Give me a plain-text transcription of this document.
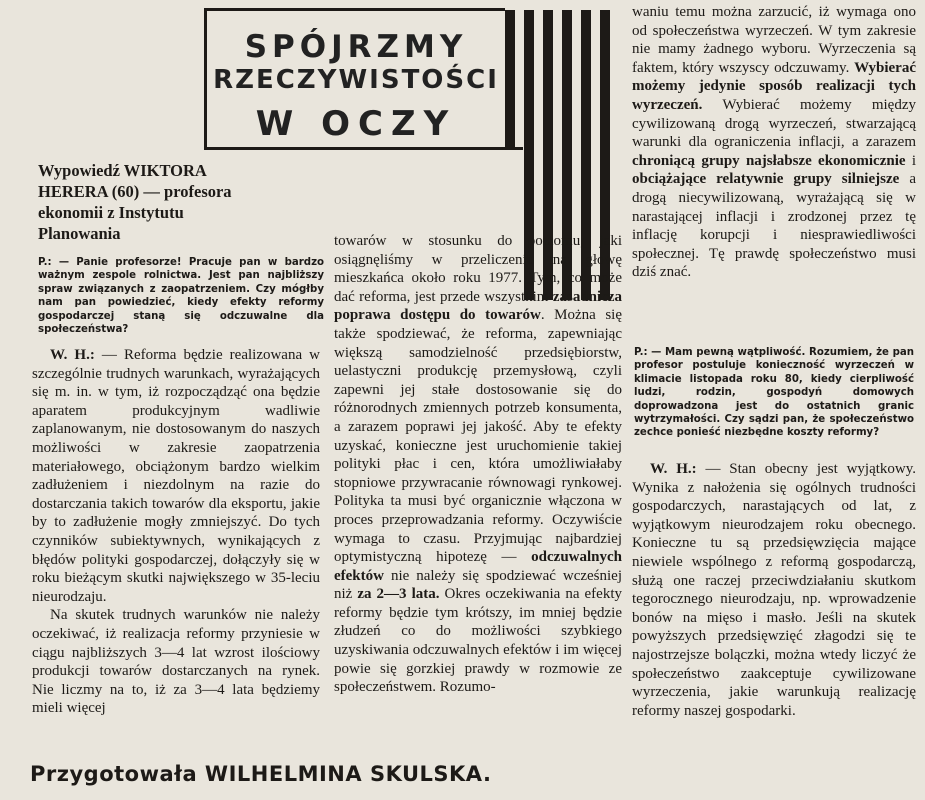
SPÓJRZMY
RZECZYWISTOŚCI
W OCZY
Wypowiedź WIKTORA HERERA (60) — profesora ekonomii z Instytutu Planowania
P.: — Panie profesorze! Pracuje pan w bardzo ważnym zespole rolnictwa. Jest pan najbliższy spraw związanych z zaopatrzeniem. Czy mógłby nam pan powiedzieć, kiedy efekty reformy gospodarczej staną się odczuwalne dla społeczeństwa?

W. H.: — Reforma będzie realizowana w szczególnie trudnych warunkach, wyrażających się m. in. w tym, iż rozpocządząć ona będzie aparatem produkcyjnym wadliwie zaplanowanym, nie dostosowanym do naszych możliwości w zakresie zaopatrzenia materiałowego, obciążonym bardzo wielkim zadłużeniem i niezdolnym na razie do dostarczania takich towarów dla eksportu, jakie by to zadłużenie mogły zmniejszyć. Do tych czynników subiektywnych, wynikających z błędów polityki gospodarczej, dołączyły się w roku bieżącym skutki największego w 35-leciu nieurodzaju.

Na skutek trudnych warunków nie należy oczekiwać, iż realizacja reformy przyniesie w ciągu najbliższych 3—4 lat wzrost ilościowy produkcji towarów dostarczanych na rynek. Nie liczmy na to, iż za 3—4 lata będziemy mieli więcej

towarów w stosunku do poziomu, jaki osiągnęliśmy w przeliczeniu na głowę mieszkańca około roku 1977. Tym, co może dać reforma, jest przede wszystkim zasadnicza poprawa dostępu do towarów. Można się także spodziewać, że reforma, zapewniając większą samodzielność przedsiębiorstw, uelastyczni produkcję przemysłową, czyli zapewni jej stałe dostosowanie się do różnorodnych zmiennych potrzeb konsumenta, a zarazem poprawi jej jakość. Aby te efekty uzyskać, konieczne jest uruchomienie takiej polityki płac i cen, która umożliwiałaby stopniowe przywracanie równowagi rynkowej. Polityka ta musi być organicznie włączona w proces przeprowadzania reformy. Oczywiście wymaga to czasu. Przyjmując najbardziej optymistyczną hipotezę — odczuwalnych efektów nie należy się spodziewać wcześniej niż za 2—3 lata. Okres oczekiwania na efekty reformy będzie tym krótszy, im mniej będzie złudzeń co do możliwości szybkiego uzyskiwania odczuwalnych efektów i im więcej powie się gorzkiej prawdy w rozmowie ze społeczeństwem. Rozumo-

waniu temu można zarzucić, iż wymaga ono od społeczeństwa wyrzeczeń. W tym zakresie nie mamy żadnego wyboru. Wyrzeczenia są faktem, który wszyscy odczuwamy. Wybierać możemy jedynie sposób realizacji tych wyrzeczeń. Wybierać możemy między cywilizowaną drogą wyrzeczeń, stwarzającą warunki dla ograniczenia inflacji, a zarazem chroniącą grupy najsłabsze ekonomicznie i obciążające relatywnie grupy silniejsze a drogą niecywilizowaną, wyrażającą się w narastającej inflacji i zrodzonej przez tę inflację korupcji i niesprawiedliwości społecznej. Tę prawdę społeczeństwo musi dziś znać.

P.: — Mam pewną wątpliwość. Rozumiem, że pan profesor postuluje konieczność wyrzeczeń w klimacie listopada roku 80, kiedy cierpliwość ludzi, rodzin, gospodyń domowych doprowadzona jest do ostatnich granic wytrzymałości. Czy sądzi pan, że społeczeństwo zechce ponieść niezbędne koszty reformy?

W. H.: — Stan obecny jest wyjątkowy. Wynika z nałożenia się ogólnych trudności gospodarczych, narastających od lat, z wyjątkowym nieurodzajem roku obecnego. Konieczne tu są przedsięwzięcia mające niewiele wspólnego z reformą gospodarczą, służą one raczej przeciwdziałaniu skutkom tegorocznego nieurodzaju, np. wprowadzenie bonów na mięso i masło. Jeśli na skutek powyższych przedsięwzięć złagodzi się te najostrzejsze bolączki, można wtedy liczyć że społeczeństwo zaakceptuje cywilizowane wyrzeczenia, jakie warunkują realizację reformy naszej gospodarki.

Przygotowała WILHELMINA SKULSKA.
